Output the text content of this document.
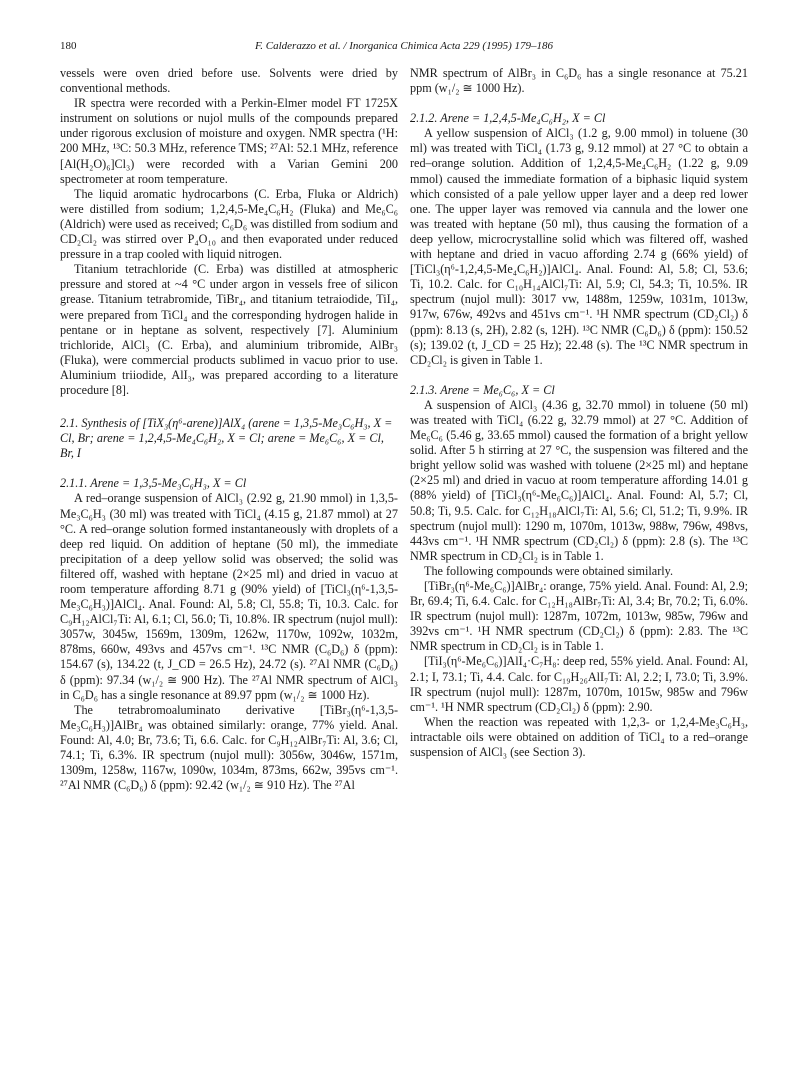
180	F. Calderazzo et al. / Inorganica Chimica Acta 229 (1995) 179–186

vessels were oven dried before use. Solvents were dried by conventional methods.

IR spectra were recorded with a Perkin-Elmer model FT 1725X instrument on solutions or nujol mulls of the compounds prepared under rigorous exclusion of moisture and oxygen. NMR spectra (¹H: 200 MHz, ¹³C: 50.3 MHz, reference TMS; ²⁷Al: 52.1 MHz, reference [Al(H₂O)₆]Cl₃) were recorded with a Varian Gemini 200 spectrometer at room temperature.

The liquid aromatic hydrocarbons (C. Erba, Fluka or Aldrich) were distilled from sodium; 1,2,4,5-Me₄C₆H₂ (Fluka) and Me₆C₆ (Aldrich) were used as received; C₆D₆ was distilled from sodium and CD₂Cl₂ was stirred over P₄O₁₀ and then evaporated under reduced pressure in a trap cooled with liquid nitrogen.

Titanium tetrachloride (C. Erba) was distilled at atmospheric pressure and stored at ~4 °C under argon in vessels free of silicon grease. Titanium tetrabromide, TiBr₄, and titanium tetraiodide, TiI₄, were prepared from TiCl₄ and the corresponding hydrogen halide in pentane or in heptane as solvent, respectively [7]. Aluminium trichloride, AlCl₃ (C. Erba), and aluminium tribromide, AlBr₃ (Fluka), were commercial products sublimed in vacuo prior to use. Aluminium triiodide, AlI₃, was prepared according to a literature procedure [8].

2.1. Synthesis of [TiX₃(η⁶-arene)]AlX₄ (arene = 1,3,5-Me₃C₆H₃, X = Cl, Br; arene = 1,2,4,5-Me₄C₆H₂, X = Cl; arene = Me₆C₆, X = Cl, Br, I

2.1.1. Arene = 1,3,5-Me₃C₆H₃, X = Cl

A red–orange suspension of AlCl₃ (2.92 g, 21.90 mmol) in 1,3,5-Me₃C₆H₃ (30 ml) was treated with TiCl₄ (4.15 g, 21.87 mmol) at 27 °C. A red–orange solution formed instantaneously with droplets of a deep red liquid. On addition of heptane (50 ml), the immediate precipitation of a deep yellow solid was observed; the solid was filtered off, washed with heptane (2×25 ml) and dried in vacuo at room temperature affording 8.71 g (90% yield) of [TiCl₃(η⁶-1,3,5-Me₃C₆H₃)]AlCl₄. Anal. Found: Al, 5.8; Cl, 55.8; Ti, 10.3. Calc. for C₉H₁₂AlCl₇Ti: Al, 6.1; Cl, 56.0; Ti, 10.8%. IR spectrum (nujol mull): 3057w, 3045w, 1569m, 1309m, 1262w, 1170w, 1092w, 1032m, 878ms, 660w, 493vs and 457vs cm⁻¹. ¹³C NMR (C₆D₆) δ (ppm): 154.67 (s), 134.22 (t, J_CD = 26.5 Hz), 24.72 (s). ²⁷Al NMR (C₆D₆) δ (ppm): 97.34 (w₁/₂ ≅ 900 Hz). The ²⁷Al NMR spectrum of AlCl₃ in C₆D₆ has a single resonance at 89.97 ppm (w₁/₂ ≅ 1000 Hz).

The tetrabromoaluminato derivative [TiBr₃(η⁶-1,3,5-Me₃C₆H₃)]AlBr₄ was obtained similarly: orange, 77% yield. Anal. Found: Al, 4.0; Br, 73.6; Ti, 6.6. Calc. for C₉H₁₂AlBr₇Ti: Al, 3.6; Cl, 74.1; Ti, 6.3%. IR spectrum (nujol mull): 3056w, 3046w, 1571m, 1309m, 1258w, 1167w, 1090w, 1034m, 873ms, 662w, 395vs cm⁻¹. ²⁷Al NMR (C₆D₆) δ (ppm): 92.42 (w₁/₂ ≅ 910 Hz). The ²⁷Al

NMR spectrum of AlBr₃ in C₆D₆ has a single resonance at 75.21 ppm (w₁/₂ ≅ 1000 Hz).

2.1.2. Arene = 1,2,4,5-Me₄C₆H₂, X = Cl

A yellow suspension of AlCl₃ (1.2 g, 9.00 mmol) in toluene (30 ml) was treated with TiCl₄ (1.73 g, 9.12 mmol) at 27 °C to obtain a red–orange solution. Addition of 1,2,4,5-Me₄C₆H₂ (1.22 g, 9.09 mmol) caused the immediate formation of a biphasic liquid system which consisted of a pale yellow upper layer and a deep red lower one. The upper layer was removed via cannula and the lower one was treated with heptane (50 ml), thus causing the formation of a deep yellow, microcrystalline solid which was filtered off, washed with heptane and dried in vacuo affording 2.74 g (66% yield) of [TiCl₃(η⁶-1,2,4,5-Me₄C₆H₂)]AlCl₄. Anal. Found: Al, 5.8; Cl, 53.6; Ti, 10.2. Calc. for C₁₀H₁₄AlCl₇Ti: Al, 5.9; Cl, 54.3; Ti, 10.5%. IR spectrum (nujol mull): 3017 vw, 1488m, 1259w, 1031m, 1013w, 917w, 676w, 492vs and 451vs cm⁻¹. ¹H NMR spectrum (CD₂Cl₂) δ (ppm): 8.13 (s, 2H), 2.82 (s, 12H). ¹³C NMR (C₆D₆) δ (ppm): 150.52 (s); 139.02 (t, J_CD = 25 Hz); 22.48 (s). The ¹³C NMR spectrum in CD₂Cl₂ is given in Table 1.

2.1.3. Arene = Me₆C₆, X = Cl

A suspension of AlCl₃ (4.36 g, 32.70 mmol) in toluene (50 ml) was treated with TiCl₄ (6.22 g, 32.79 mmol) at 27 °C. Addition of Me₆C₆ (5.46 g, 33.65 mmol) caused the formation of a bright yellow solid. After 5 h stirring at 27 °C, the suspension was filtered and the bright yellow solid was washed with toluene (2×25 ml) and heptane (2×25 ml) and dried in vacuo at room temperature affording 14.01 g (88% yield) of [TiCl₃(η⁶-Me₆C₆)]AlCl₄. Anal. Found: Al, 5.7; Cl, 50.8; Ti, 9.5. Calc. for C₁₂H₁₈AlCl₇Ti: Al, 5.6; Cl, 51.2; Ti, 9.9%. IR spectrum (nujol mull): 1290 m, 1070m, 1013w, 988w, 796w, 498vs, 443vs cm⁻¹. ¹H NMR spectrum (CD₂Cl₂) δ (ppm): 2.8 (s). The ¹³C NMR spectrum in CD₂Cl₂ is in Table 1.

The following compounds were obtained similarly.

[TiBr₃(η⁶-Me₆C₆)]AlBr₄: orange, 75% yield. Anal. Found: Al, 2.9; Br, 69.4; Ti, 6.4. Calc. for C₁₂H₁₈AlBr₇Ti: Al, 3.4; Br, 70.2; Ti, 6.0%. IR spectrum (nujol mull): 1287m, 1072m, 1013w, 985w, 796w and 392vs cm⁻¹. ¹H NMR spectrum (CD₂Cl₂) δ (ppm): 2.83. The ¹³C NMR spectrum in CD₂Cl₂ is in Table 1.

[TiI₃(η⁶-Me₆C₆)]AlI₄·C₇H₈: deep red, 55% yield. Anal. Found: Al, 2.1; I, 73.1; Ti, 4.4. Calc. for C₁₉H₂₆AlI₇Ti: Al, 2.2; I, 73.0; Ti, 3.9%. IR spectrum (nujol mull): 1287m, 1070m, 1015w, 985w and 796w cm⁻¹. ¹H NMR spectrum (CD₂Cl₂) δ (ppm): 2.90.

When the reaction was repeated with 1,2,3- or 1,2,4-Me₃C₆H₃, intractable oils were obtained on addition of TiCl₄ to a red–orange suspension of AlCl₃ (see Section 3).
